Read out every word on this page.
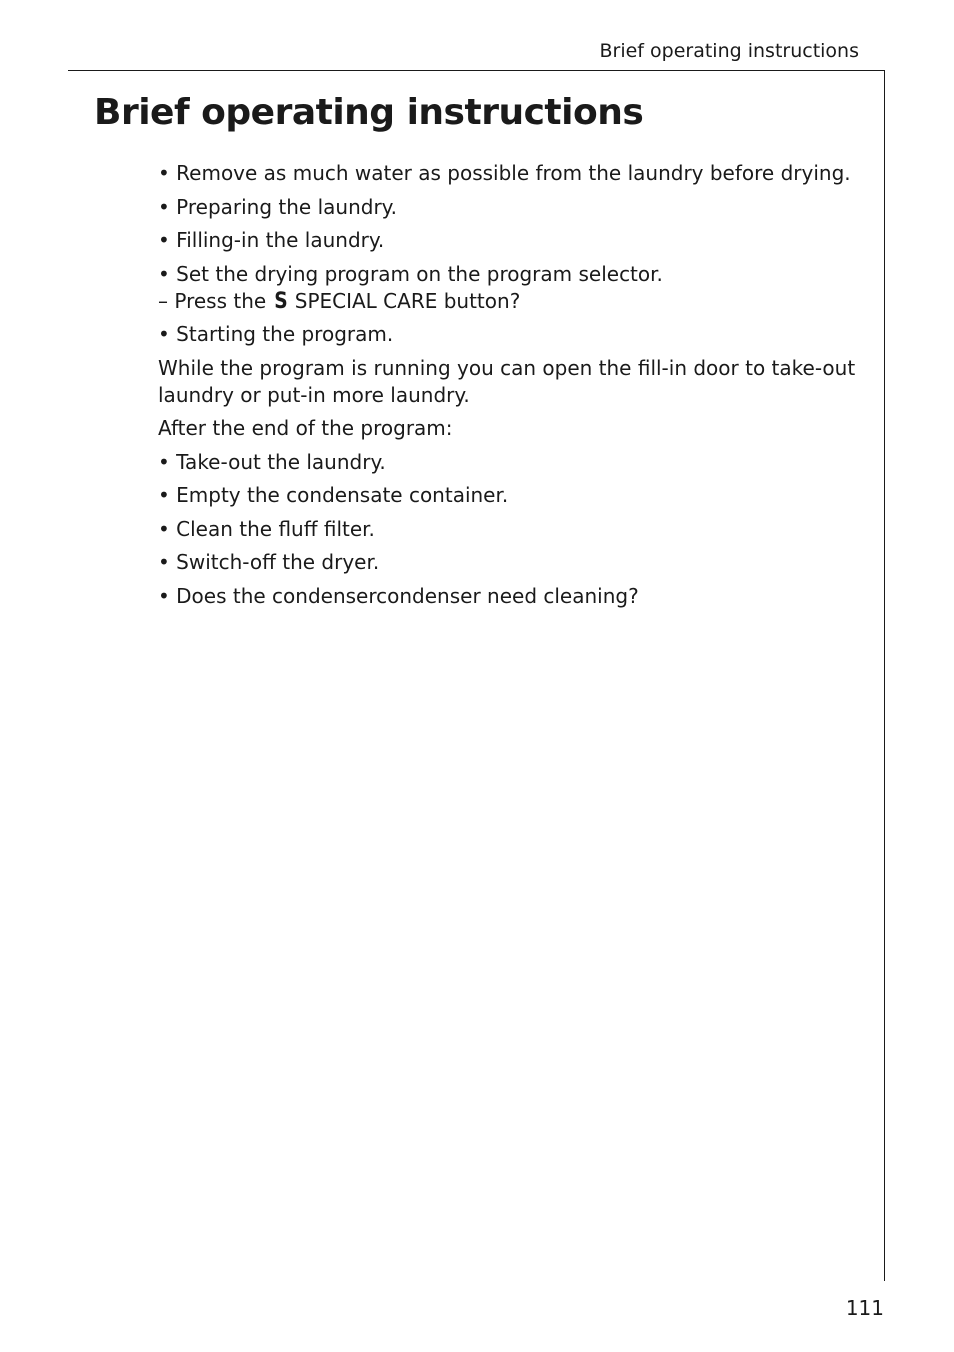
Brief operating instructions
Brief operating instructions
• Remove as much water as possible from the laundry before drying.
• Preparing the laundry.
• Filling-in the laundry.
• Set the drying program on the program selector.
– Press the S SPECIAL CARE button?
• Starting the program.
While the program is running you can open the fill-in door to take-out laundry or put-in more laundry.
After the end of the program:
• Take-out the laundry.
• Empty the condensate container.
• Clean the fluff filter.
• Switch-off the dryer.
• Does the condensercondenser need cleaning?
111
